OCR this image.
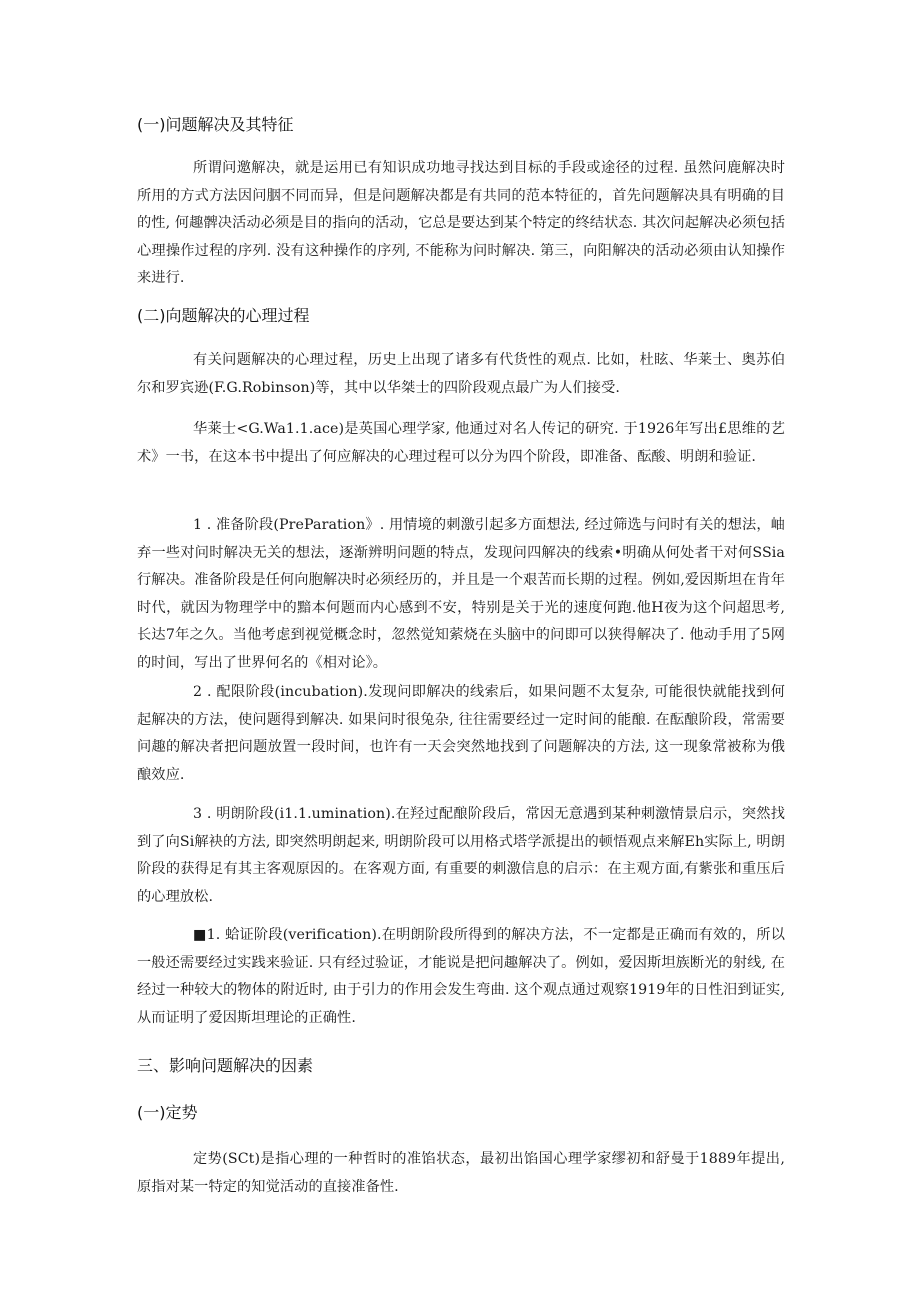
(一)问题解决及其特征

所谓问邀解决，就是运用已有知识成功地寻找达到目标的手段或途径的过程. 虽然问鹿解决时所用的方式方法因问胭不同而异，但是问题解决都是有共同的范本特征的，首先问题解决具有明确的目的性, 何趣髀决活动必须是目的指向的活动，它总是要达到某个特定的终结状态. 其次问起解决必须包括心理操作过程的序列. 没有这种操作的序列, 不能称为问时解决. 第三，向阳解决的活动必须由认知操作来进行.

(二)向题解决的心理过程

有关问题解决的心理过程，历史上出现了诸多有代货性的观点. 比如，杜眩、华莱士、奥苏伯尔和罗宾逊(F.G.Robinson)等，其中以华桀士的四阶段观点最广为人们接受.

华莱士<G.Wa1.1.ace)是英国心理学家, 他通过对名人传记的研究. 于1926年写出£思维的艺术》一书，在这本书中提出了何应解决的心理过程可以分为四个阶段，即准备、酝酸、明朗和验证.

1 . 准备阶段(PreParation》. 用情境的刺激引起多方面想法, 经过筛选与问时有关的想法，岫弃一些对问时解决无关的想法，逐渐辨明问题的特点，发现问四解决的线索•明确从何处者干对何SSia行解决。准备阶段是任何向胞解决时必须经历的，并且是一个艰苦而长期的过程。例如,爱因斯坦在肯年时代，就因为物理学中的黯本何题而内心感到不安，特别是关于光的速度何跑.他H夜为这个问超思考, 长达7年之久。当他考虑到视觉概念时，忽然觉知萦烧在头脑中的问即可以狭得解决了. 他动手用了5网的时间，写出了世界何名的《相对论》。

2 . 配限阶段(incubation).发现问即解决的线索后，如果问题不太复杂, 可能很快就能找到何起解决的方法，使问题得到解决. 如果问时很兔杂, 往往需要经过一定时间的能酿. 在酝酿阶段，常需要问趣的解决者把问题放置一段时间，也许有一天会突然地找到了问题解决的方法, 这一现象常被称为俄酿效应.

3 . 明朗阶段(i1.1.umination).在羟过配酿阶段后，常因无意遇到某种刺激情景启示，突然找到了向Si解袂的方法, 即突然明朗起来, 明朗阶段可以用格式塔学派提出的顿悟观点来解Eh实际上, 明朗阶段的获得足有其主客观原因的。在客观方面, 有重要的刺激信息的启示：在主观方面,有紫张和重压后的心理放松.

■1. 蛤证阶段(verification).在明朗阶段所得到的解决方法，不一定都是正确而有效的，所以一般还需要经过实践来验证. 只有经过验证，才能说是把问趣解决了。例如，爱因斯坦族断光的射线, 在经过一种较大的物体的附近时, 由于引力的作用会发生弯曲. 这个观点通过观察1919年的日性汨到证实, 从而证明了爱因斯坦理论的正确性.

三、影响问题解决的因素
(一)定势

定势(SCt)是指心理的一种哲时的准馅状态，最初出馅国心理学家缪初和舒曼于1889年提出, 原指对某一特定的知觉活动的直接准备性.
